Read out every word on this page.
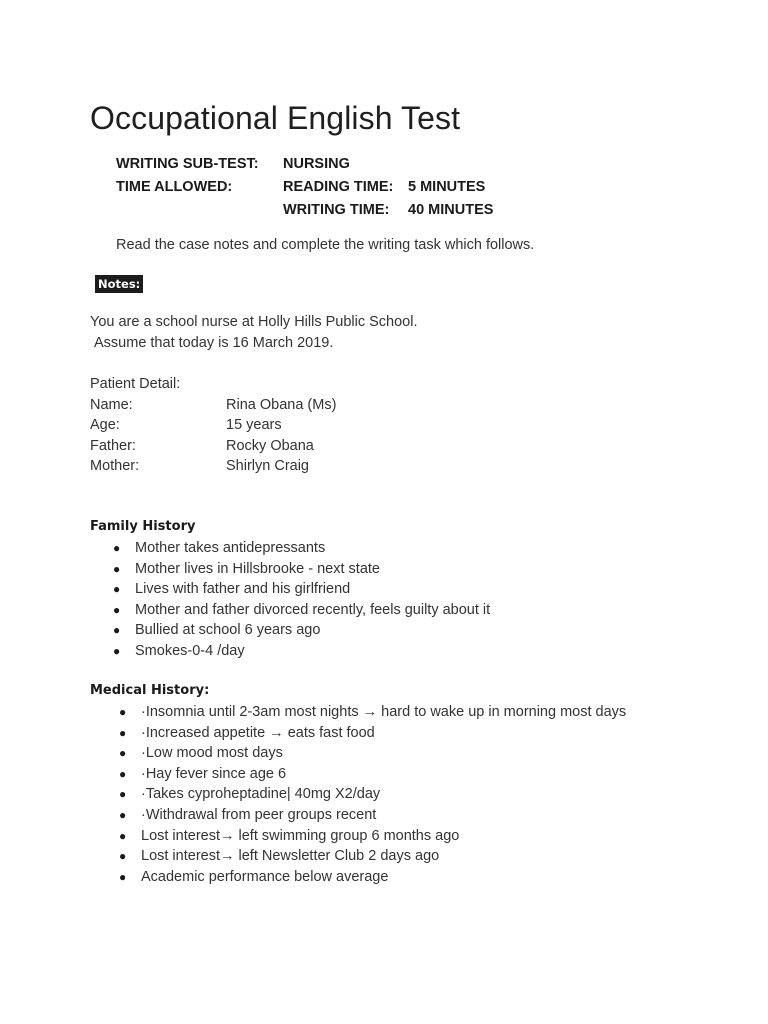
Occupational English Test
WRITING SUB-TEST:	NURSING
TIME ALLOWED:	READING TIME:	5 MINUTES
WRITING TIME:	40 MINUTES
Read the case notes and complete the writing task which follows.
Notes:
You are a school nurse at Holly Hills Public School.
Assume that today is 16 March 2019.
Patient Detail:
Name:	Rina Obana (Ms)
Age:	15 years
Father:	Rocky Obana
Mother:	Shirlyn Craig
Family History
● Mother takes antidepressants
● Mother lives in Hillsbrooke - next state
● Lives with father and his girlfriend
● Mother and father divorced recently, feels guilty about it
● Bullied at school 6 years ago
● Smokes-0-4 /day
Medical History:
● ·Insomnia until 2-3am most nights → hard to wake up in morning most days
● ·Increased appetite → eats fast food
● ·Low mood most days
● ·Hay fever since age 6
● ·Takes cyproheptadine| 40mg X2/day
● ·Withdrawal from peer groups recent
● Lost interest→ left swimming group 6 months ago
● Lost interest→ left Newsletter Club 2 days ago
● Academic performance below average
